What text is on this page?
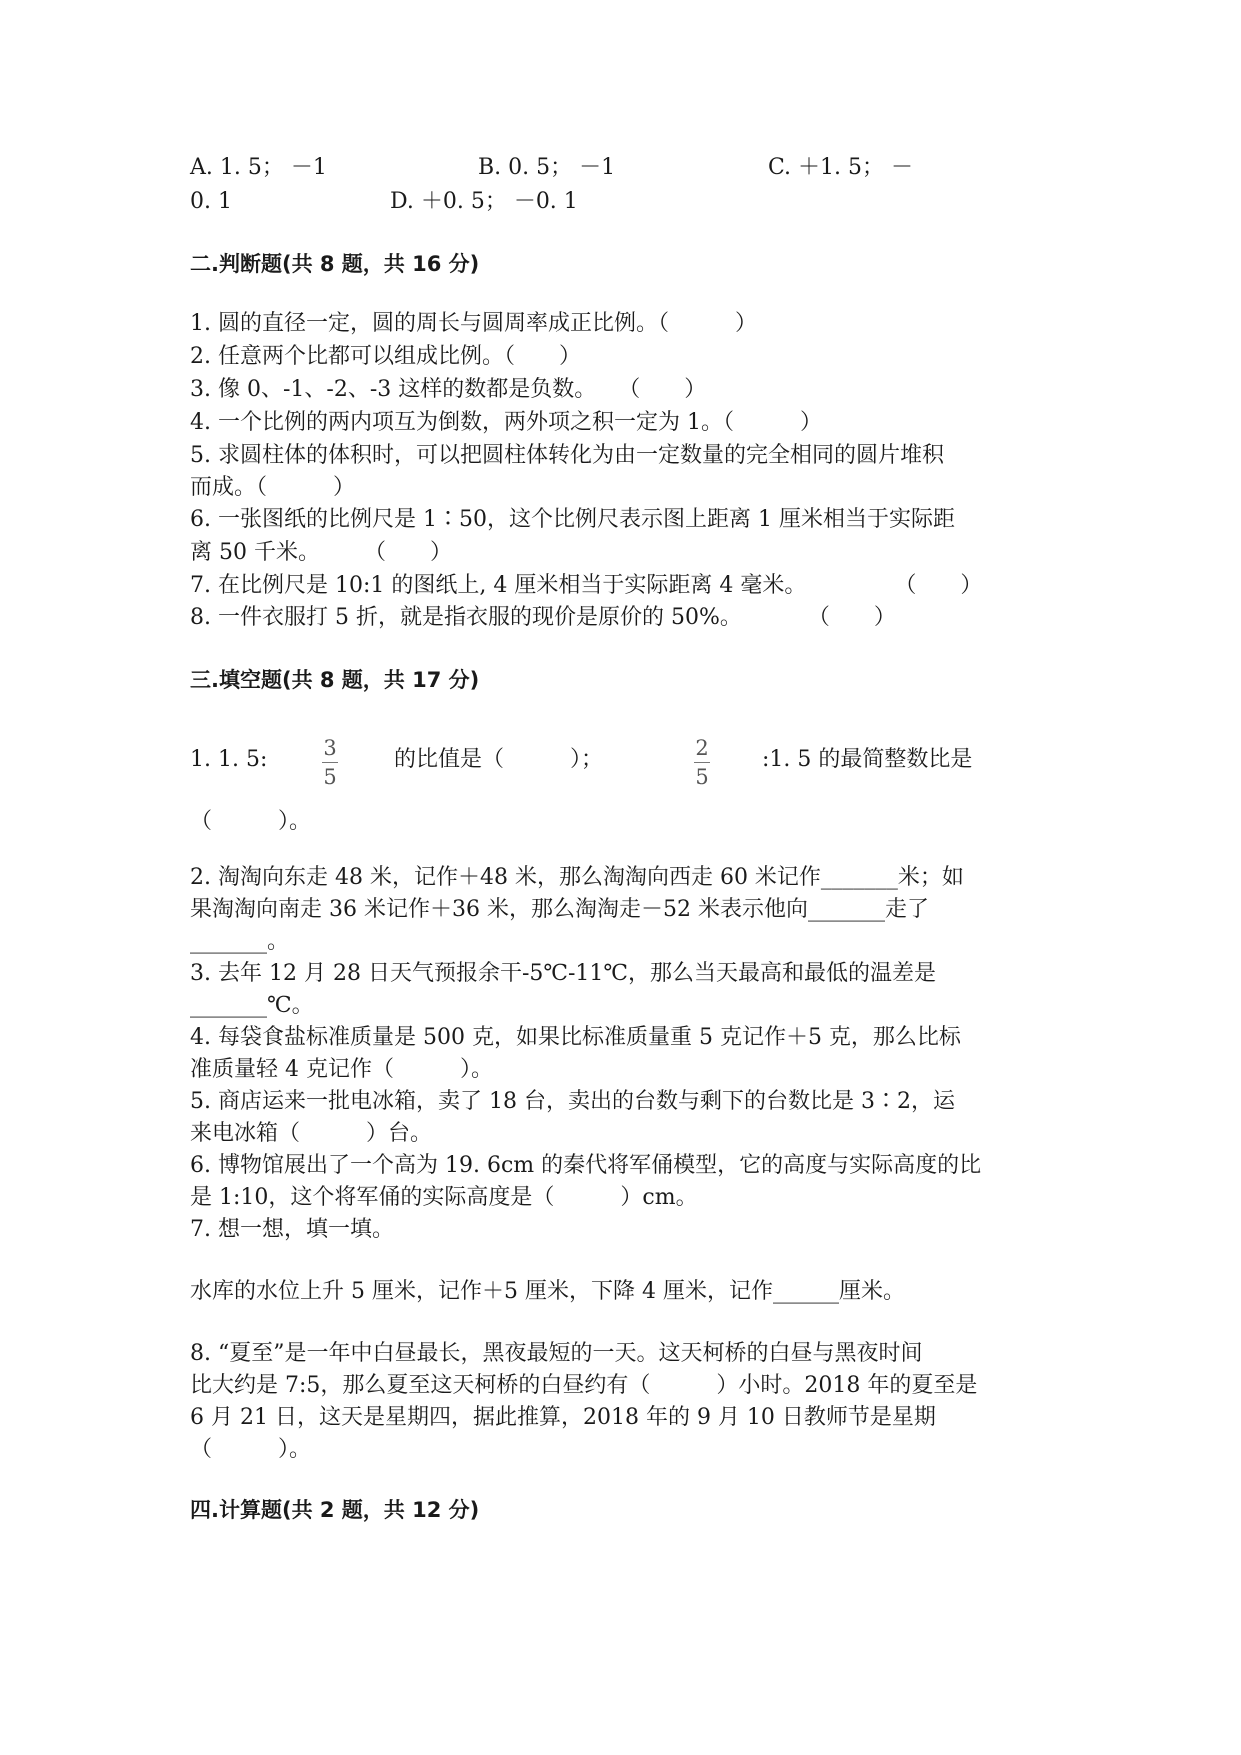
A. 1. 5； －1	B. 0. 5； －1	C. ＋1. 5； －
0. 1	D. ＋0. 5； －0. 1
二.判断题(共 8 题，共 16 分)
1. 圆的直径一定，圆的周长与圆周率成正比例。（　　　）
2. 任意两个比都可以组成比例。（　　）
3. 像 0、-1、-2、-3 这样的数都是负数。　　（　　）
4. 一个比例的两内项互为倒数，两外项之积一定为 1。（　　　）
5. 求圆柱体的体积时，可以把圆柱体转化为由一定数量的完全相同的圆片堆积
而成。（　　　）
6. 一张图纸的比例尺是 1∶50，这个比例尺表示图上距离 1 厘米相当于实际距
离 50 千米。　　　（　　）
7. 在比例尺是 10:1 的图纸上, 4 厘米相当于实际距离 4 毫米。　　　　　（　　）
8. 一件衣服打 5 折，就是指衣服的现价是原价的 50%。　　　　（　　）
三.填空题(共 8 题，共 17 分)
1. 1. 5:	3
5
的比值是（　　　）；	2
5
:1. 5 的最简整数比是
（　　　）。
2. 淘淘向东走 48 米，记作＋48 米，那么淘淘向西走 60 米记作_______米；如
果淘淘向南走 36 米记作＋36 米，那么淘淘走－52 米表示他向_______走了
_______。
3. 去年 12 月 28 日天气预报余干-5℃-11℃，那么当天最高和最低的温差是
_______℃。
4. 每袋食盐标准质量是 500 克，如果比标准质量重 5 克记作＋5 克，那么比标
准质量轻 4 克记作（　　　）。
5. 商店运来一批电冰箱，卖了 18 台，卖出的台数与剩下的台数比是 3∶2，运
来电冰箱（　　　）台。
6. 博物馆展出了一个高为 19. 6cm 的秦代将军俑模型，它的高度与实际高度的比
是 1:10，这个将军俑的实际高度是（　　　）cm。
7. 想一想，填一填。
水库的水位上升 5 厘米，记作＋5 厘米，下降 4 厘米，记作______厘米。
8. “夏至”是一年中白昼最长，黑夜最短的一天。这天柯桥的白昼与黑夜时间
比大约是 7:5，那么夏至这天柯桥的白昼约有（　　　）小时。2018 年的夏至是
6 月 21 日，这天是星期四，据此推算，2018 年的 9 月 10 日教师节是星期
（　　　）。
四.计算题(共 2 题，共 12 分)
